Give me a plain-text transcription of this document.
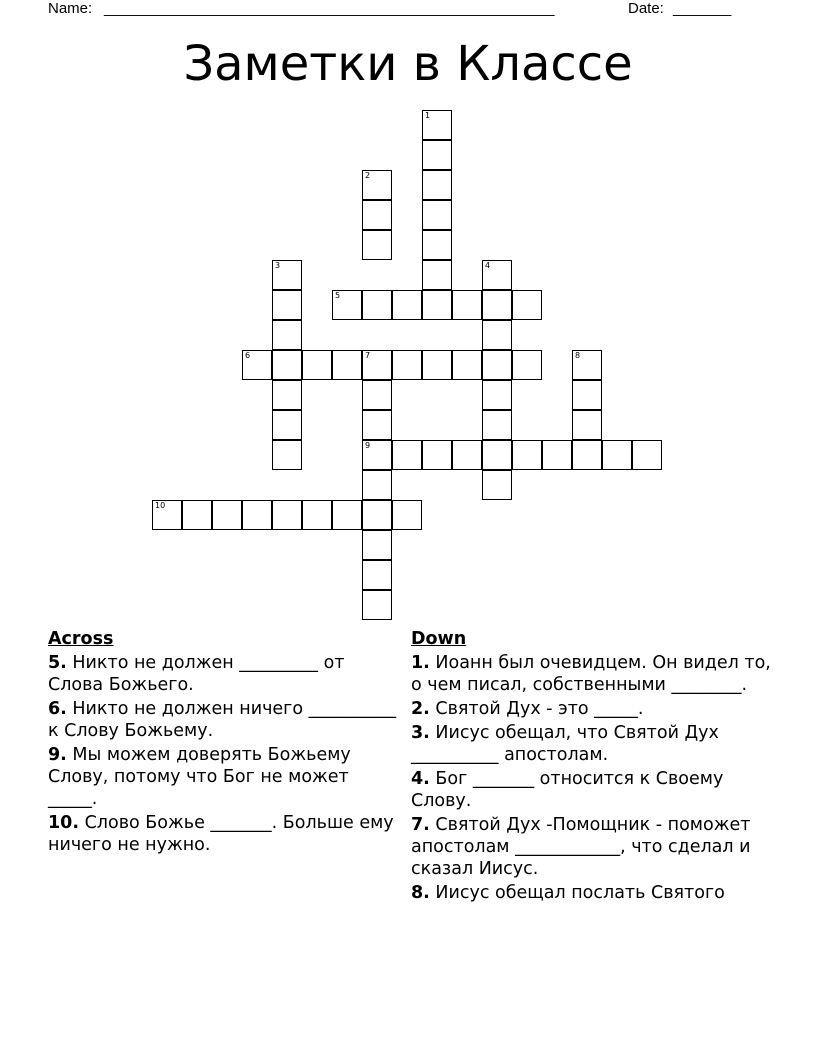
Name: ______________________________________________________	Date: _______
Заметки в Классе
1
2
3	4
5
6	7
9
8
10
Across
5. Никто не должен _________ от Слова Божьего.
6. Никто не должен ничего __________ к Слову Божьему.
9. Мы можем доверять Божьему Слову, потому что Бог не может _____.
10. Слово Божье _______. Больше ему ничего не нужно.
Down
1. Иоанн был очевидцем. Он видел то, о чем писал, собственными ________.
2. Святой Дух - это _____.
3. Иисус обещал, что Святой Дух __________ апостолам.
4. Бог _______ относится к Своему Слову.
7. Святой Дух -Помощник - поможет апостолам ____________, что сделал и сказал Иисус.
8. Иисус обещал послать Святого
